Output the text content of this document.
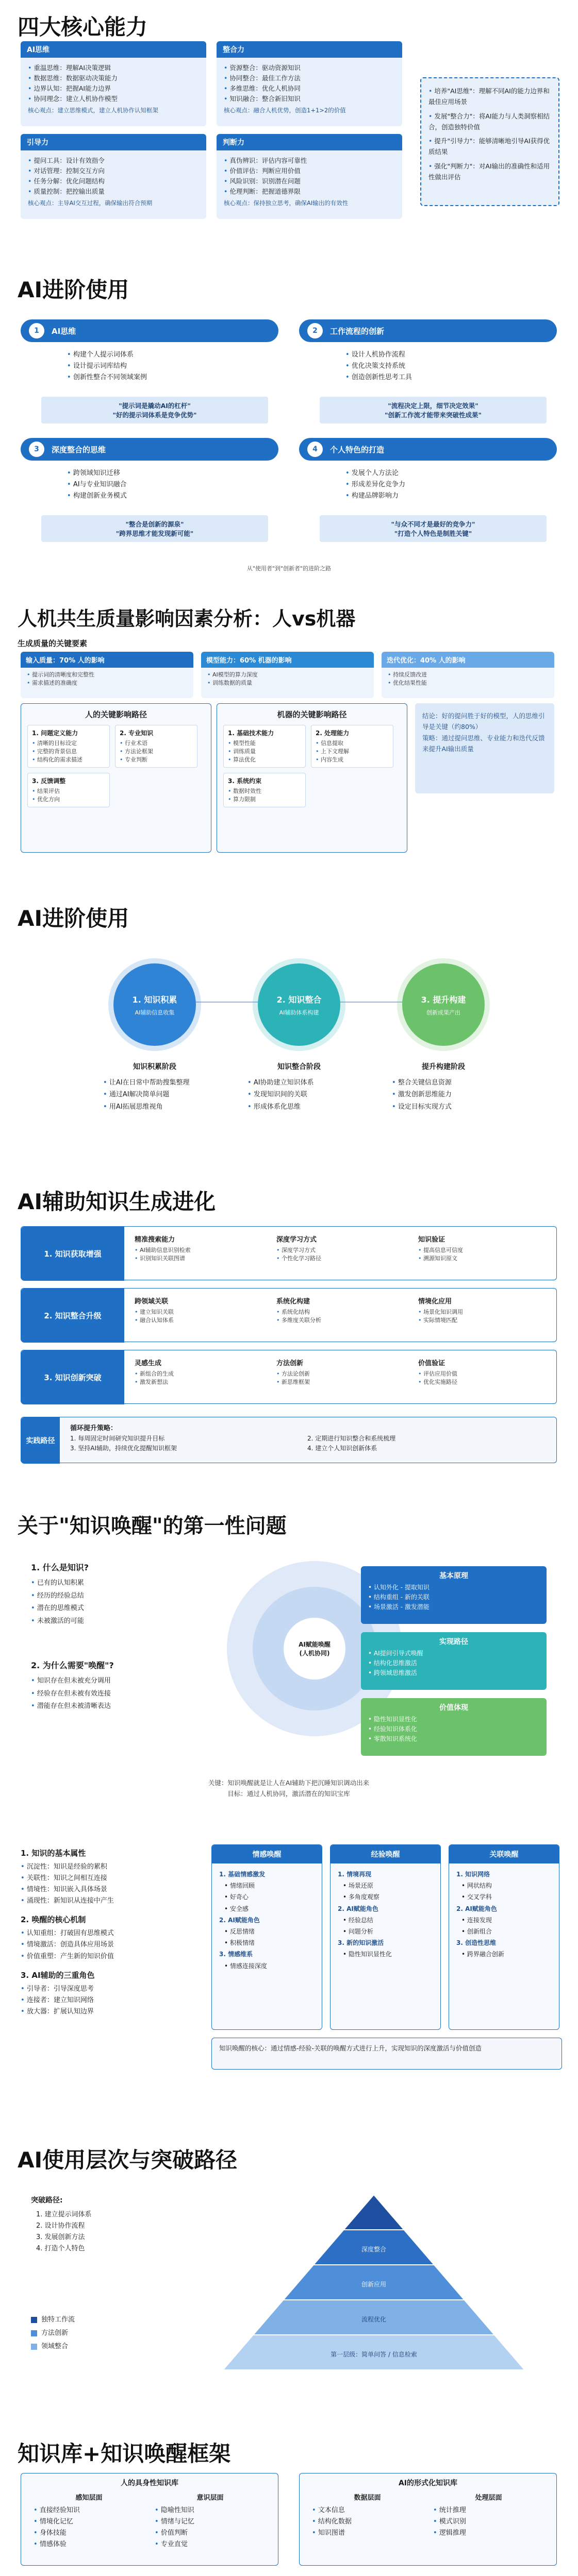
四大核心能力
AI思维
• 重温思维：理解AI决策逻辑
• 数据思维：数据驱动决策能力
• 边界认知：把握AI能力边界
• 协同理念：建立人机协作模型
核心观点：建立思维模式，建立人机协作认知框架
整合力
• 资源整合：驱动资源知识
• 协同整合：最佳工作方法
• 多维思维：优化人机协同
• 知识融合：整合新旧知识
核心观点：融合人机优势，创造1+1>2的价值
引导力
• 提问工具：设计有效指令
• 对话管理：控制交互方向
• 任务分解：优化问题结构
• 质量控制：把控输出质量
核心观点：主导AI交互过程，确保输出符合预期
判断力
• 真伪辨识：评估内容可靠性
• 价值评估：判断应用价值
• 风险识别：识别潜在问题
• 伦理判断：把握道德界限
核心观点：保持独立思考，确保AI输出的有效性
• 培养"AI思维"：理解不同AI的能力边界和最佳应用场景
• 发展"整合力"：将AI能力与人类洞察相结合，创造独特价值
• 提升"引导力"：能够清晰地引导AI获得优质结果
• 强化"判断力"：对AI输出的准确性和适用性做出评估
AI进阶使用
1	AI思维
• 构建个人提示词体系
• 设计提示词库结构
• 创新性整合不同领域案例
"提示词是撬动AI的杠杆"
"好的提示词体系是竞争优势"
2	工作流程的创新
• 设计人机协作流程
• 优化决策支持系统
• 创造创新性思考工具
"流程决定上限，细节决定效果"
"创新工作流才能带来突破性成果"
3	深度整合的思维
• 跨领域知识迁移
• AI与专业知识融合
• 构建创新业务模式
"整合是创新的源泉"
"跨界思维才能发现新可能"
4	个人特色的打造
• 发展个人方法论
• 形成差异化竞争力
• 构建品牌影响力
"与众不同才是最好的竞争力"
"打造个人特色是制胜关键"
从"使用者"到"创新者"的进阶之路
人机共生质量影响因素分析：人vs机器
生成质量的关键要素
输入质量：70% 人的影响
• 提示词的清晰度和完整性
• 需求描述的准确度
模型能力：60% 机器的影响
• AI模型的算力深度
• 训练数据的质量
迭代优化：40% 人的影响
• 持续反馈改进
• 优化结果性能
人的关键影响路径
1. 问题定义能力
• 清晰的目标设定
• 完整的背景信息
• 结构化的需求描述
2. 专业知识
• 行业术语
• 方法论框架
• 专业判断
3. 反馈调整
• 结果评估
• 优化方向
机器的关键影响路径
1. 基础技术能力
• 模型性能
• 训练质量
• 算法优化
2. 处理能力
• 信息提取
• 上下文理解
• 内容生成
3. 系统约束
• 数据时效性
• 算力限制
结论：好的提问胜于好的模型，人的思维引导是关键（约80%）
策略：通过提问思维、专业能力和迭代反馈来提升AI输出质量
AI进阶使用
1. 知识积累
AI辅助信息收集
2. 知识整合
AI辅助体系构建
3. 提升构建
创新成果产出
知识积累阶段
• 让AI在日常中帮助搜集整理
• 通过AI解决简单问题
• 用AI拓展思维视角
知识整合阶段
• AI协助建立知识体系
• 发现知识间的关联
• 形成体系化思维
提升构建阶段
• 整合关键信息资源
• 激发创新思维能力
• 设定目标实现方式
AI辅助知识生成进化
1. 知识获取增强
精准搜索能力
• AI辅助信息识别检索
• 识别知识关联图谱
深度学习方式
• 深度学习方式
• 个性化学习路径
知识验证
• 提高信息可信度
• 溯源知识原文
2. 知识整合升级
跨领域关联
• 建立知识关联
• 融合认知体系
系统化构建
• 系统化结构
• 多维度关联分析
情境化应用
• 场景化知识调用
• 实际情境匹配
3. 知识创新突破
灵感生成
• 新组合的生成
• 激发新想法
方法创新
• 方法论创新
• 新思维框架
价值验证
• 评估应用价值
• 优化实施路径
实践路径
循环提升策略：
1. 每周固定时间研究知识提升目标	2. 定期进行知识整合和系统梳理
3. 坚持AI辅助，持续优化提醒知识框架	4. 建立个人知识创新体系
关于"知识唤醒"的第一性问题
1. 什么是知识?
• 已有的认知积累
• 经历的经验总结
• 潜在的思维模式
• 未被激活的可能
2. 为什么需要"唤醒"?
• 知识存在但未被充分调用
• 经验存在但未被有效连接
• 潜能存在但未被清晰表达
AI赋能唤醒
(人机协同)
基本原理
• 认知外化 - 提取知识
• 结构重组 - 新的关联
• 场景激活 - 激发潜能
实现路径
• AI提问引导式唤醒
• 结构化思维激活
• 跨领域思维激活
价值体现
• 隐性知识显性化
• 经验知识体系化
• 零散知识系统化
关键：知识唤醒就是让人在AI辅助下把沉睡知识调动出来
目标：通过人机协同，激活潜在的知识宝库
1. 知识的基本属性
• 沉淀性：知识是经验的累积
• 关联性：知识之间相互连接
• 情境性：知识嵌入具体场景
• 涌现性：新知识从连接中产生
2. 唤醒的核心机制
• 认知重组：打破固有思维模式
• 情境激活：创造具体应用场景
• 价值重塑：产生新的知识价值
3. AI辅助的三重角色
• 引导者：引导深度思考
• 连接者：建立知识网络
• 放大器：扩展认知边界
情感唤醒
1. 基础情感激发
• 情绪回顾
• 好奇心
• 安全感
2. AI赋能角色
• 反思情绪
• 积极情绪
3. 情感维系
• 情感连接深度
经验唤醒
1. 情境再现
• 场景还原
• 多角度观察
2. AI赋能角色
• 经验总结
• 问题分析
3. 新的知识激活
• 隐性知识显性化
关联唤醒
1. 知识网络
• 网状结构
• 交叉学科
2. AI赋能角色
• 连接发现
• 创新组合
3. 创造性思维
• 跨界融合创新
知识唤醒的核心：通过情感-经验-关联的唤醒方式进行上升，实现知识的深度激活与价值创造
AI使用层次与突破路径
突破路径:
1. 建立提示词体系
2. 设计协作流程
3. 发展创新方法
4. 打造个人特色
独特工作流
方法创新
领域整合
深度整合
创新应用
流程优化
第一层级：简单问答 / 信息检索
知识库+知识唤醒框架
人的具身性知识库
感知层面
• 直接经验知识
• 情境化记忆
• 身体技能
• 情感体验
意识层面
• 隐喻性知识
• 情绪与记忆
• 价值判断
• 专业直觉
AI的形式化知识库
数据层面
• 文本信息
• 结构化数据
• 知识图谱
处理层面
• 统计推理
• 模式识别
• 逻辑推理
